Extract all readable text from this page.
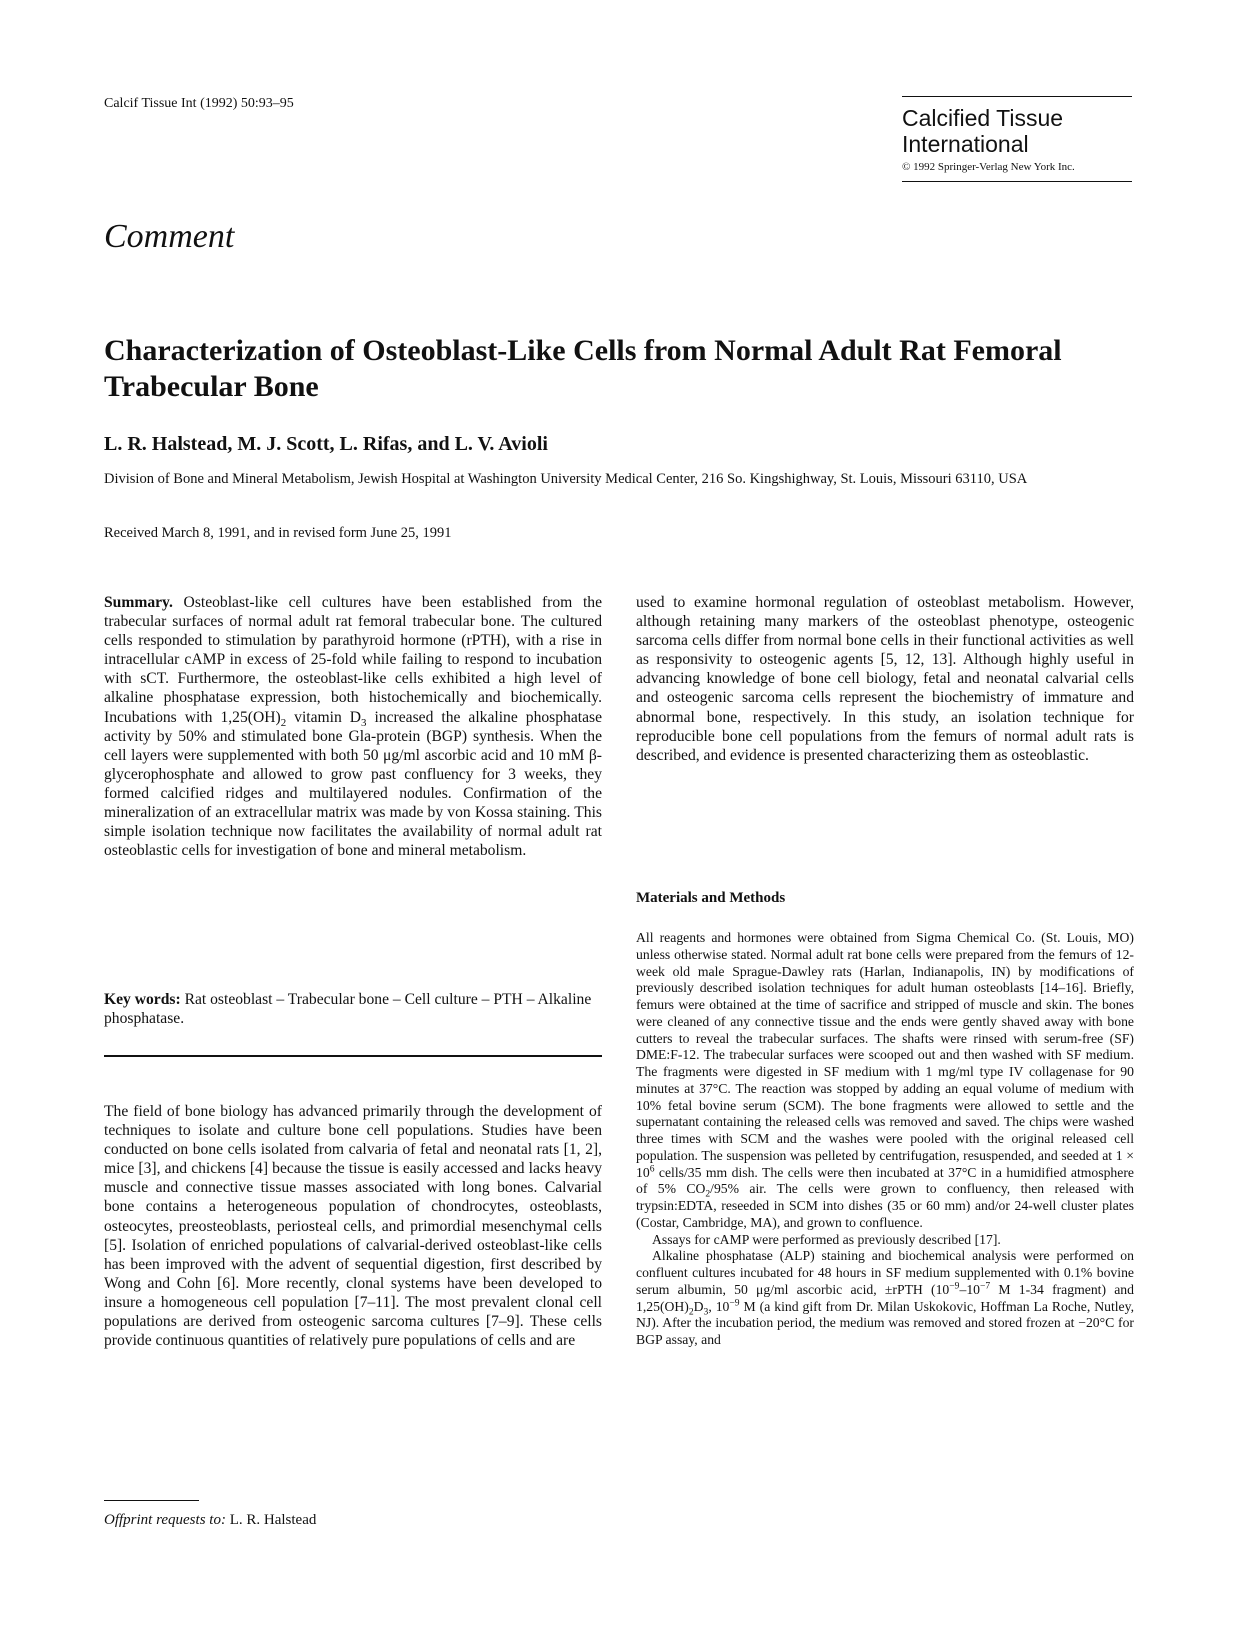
Calcif Tissue Int (1992) 50:93–95
Calcified Tissue
International
© 1992 Springer-Verlag New York Inc.
Comment
Characterization of Osteoblast-Like Cells from Normal Adult Rat Femoral Trabecular Bone
L. R. Halstead, M. J. Scott, L. Rifas, and L. V. Avioli
Division of Bone and Mineral Metabolism, Jewish Hospital at Washington University Medical Center, 216 So. Kingshighway, St. Louis, Missouri 63110, USA
Received March 8, 1991, and in revised form June 25, 1991

Summary. Osteoblast-like cell cultures have been established from the trabecular surfaces of normal adult rat femoral trabecular bone. The cultured cells responded to stimulation by parathyroid hormone (rPTH), with a rise in intracellular cAMP in excess of 25-fold while failing to respond to incubation with sCT. Furthermore, the osteoblast-like cells exhibited a high level of alkaline phosphatase expression, both histochemically and biochemically. Incubations with $1,25(OH)_2$ vitamin $D_3$ increased the alkaline phosphatase activity by 50% and stimulated bone Gla-protein (BGP) synthesis. When the cell layers were supplemented with both 50 μg/ml ascorbic acid and 10 mM β-glycerophosphate and allowed to grow past confluency for 3 weeks, they formed calcified ridges and multilayered nodules. Confirmation of the mineralization of an extracellular matrix was made by von Kossa staining. This simple isolation technique now facilitates the availability of normal adult rat osteoblastic cells for investigation of bone and mineral metabolism.

Key words: Rat osteoblast – Trabecular bone – Cell culture – PTH – Alkaline phosphatase.

The field of bone biology has advanced primarily through the development of techniques to isolate and culture bone cell populations. Studies have been conducted on bone cells isolated from calvaria of fetal and neonatal rats [1, 2], mice [3], and chickens [4] because the tissue is easily accessed and lacks heavy muscle and connective tissue masses associated with long bones. Calvarial bone contains a heterogeneous population of chondrocytes, osteoblasts, osteocytes, preosteoblasts, periosteal cells, and primordial mesenchymal cells [5]. Isolation of enriched populations of calvarial-derived osteoblast-like cells has been improved with the advent of sequential digestion, first described by Wong and Cohn [6]. More recently, clonal systems have been developed to insure a homogeneous cell population [7–11]. The most prevalent clonal cell populations are derived from osteogenic sarcoma cultures [7–9]. These cells provide continuous quantities of relatively pure populations of cells and are

Offprint requests to: L. R. Halstead

used to examine hormonal regulation of osteoblast metabolism. However, although retaining many markers of the osteoblast phenotype, osteogenic sarcoma cells differ from normal bone cells in their functional activities as well as responsivity to osteogenic agents [5, 12, 13]. Although highly useful in advancing knowledge of bone cell biology, fetal and neonatal calvarial cells and osteogenic sarcoma cells represent the biochemistry of immature and abnormal bone, respectively. In this study, an isolation technique for reproducible bone cell populations from the femurs of normal adult rats is described, and evidence is presented characterizing them as osteoblastic.

Materials and Methods

All reagents and hormones were obtained from Sigma Chemical Co. (St. Louis, MO) unless otherwise stated. Normal adult rat bone cells were prepared from the femurs of 12-week old male Sprague-Dawley rats (Harlan, Indianapolis, IN) by modifications of previously described isolation techniques for adult human osteoblasts [14–16]. Briefly, femurs were obtained at the time of sacrifice and stripped of muscle and skin. The bones were cleaned of any connective tissue and the ends were gently shaved away with bone cutters to reveal the trabecular surfaces. The shafts were rinsed with serum-free (SF) DME:F-12. The trabecular surfaces were scooped out and then washed with SF medium. The fragments were digested in SF medium with 1 mg/ml type IV collagenase for 90 minutes at 37°C. The reaction was stopped by adding an equal volume of medium with 10% fetal bovine serum (SCM). The bone fragments were allowed to settle and the supernatant containing the released cells was removed and saved. The chips were washed three times with SCM and the washes were pooled with the original released cell population. The suspension was pelleted by centrifugation, resuspended, and seeded at $1 \times 10^6$ cells/35 mm dish. The cells were then incubated at 37°C in a humidified atmosphere of 5% $CO_2/95\%$ air. The cells were grown to confluency, then released with trypsin:EDTA, reseeded in SCM into dishes (35 or 60 mm) and/or 24-well cluster plates (Costar, Cambridge, MA), and grown to confluence.

Assays for cAMP were performed as previously described [17].

Alkaline phosphatase (ALP) staining and biochemical analysis were performed on confluent cultures incubated for 48 hours in SF medium supplemented with 0.1% bovine serum albumin, 50 μg/ml ascorbic acid, ±rPTH ($10^{-9}-10^{-7}$ M 1-34 fragment) and $1,25(OH)_2D_3$, $10^{-9}$ M (a kind gift from Dr. Milan Uskokovic, Hoffman La Roche, Nutley, NJ). After the incubation period, the medium was removed and stored frozen at −20°C for BGP assay, and
